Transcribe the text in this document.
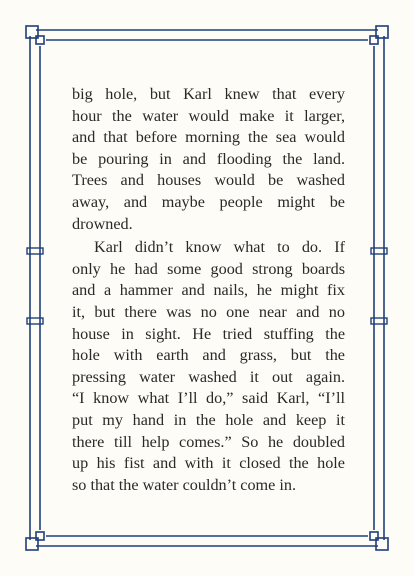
big hole, but Karl knew that every
hour the water would make it larger,
and that before morning the sea would
be pouring in and flooding the land.
Trees and houses would be washed
away, and maybe people might be
drowned.
Karl didn’t know what to do. If
only he had some good strong boards
and a hammer and nails, he might fix
it, but there was no one near and no
house in sight. He tried stuffing the
hole with earth and grass, but the
pressing water washed it out again.
“I know what I’ll do,” said Karl, “I’ll
put my hand in the hole and keep it
there till help comes.” So he doubled
up his fist and with it closed the hole
so that the water couldn’t come in.
